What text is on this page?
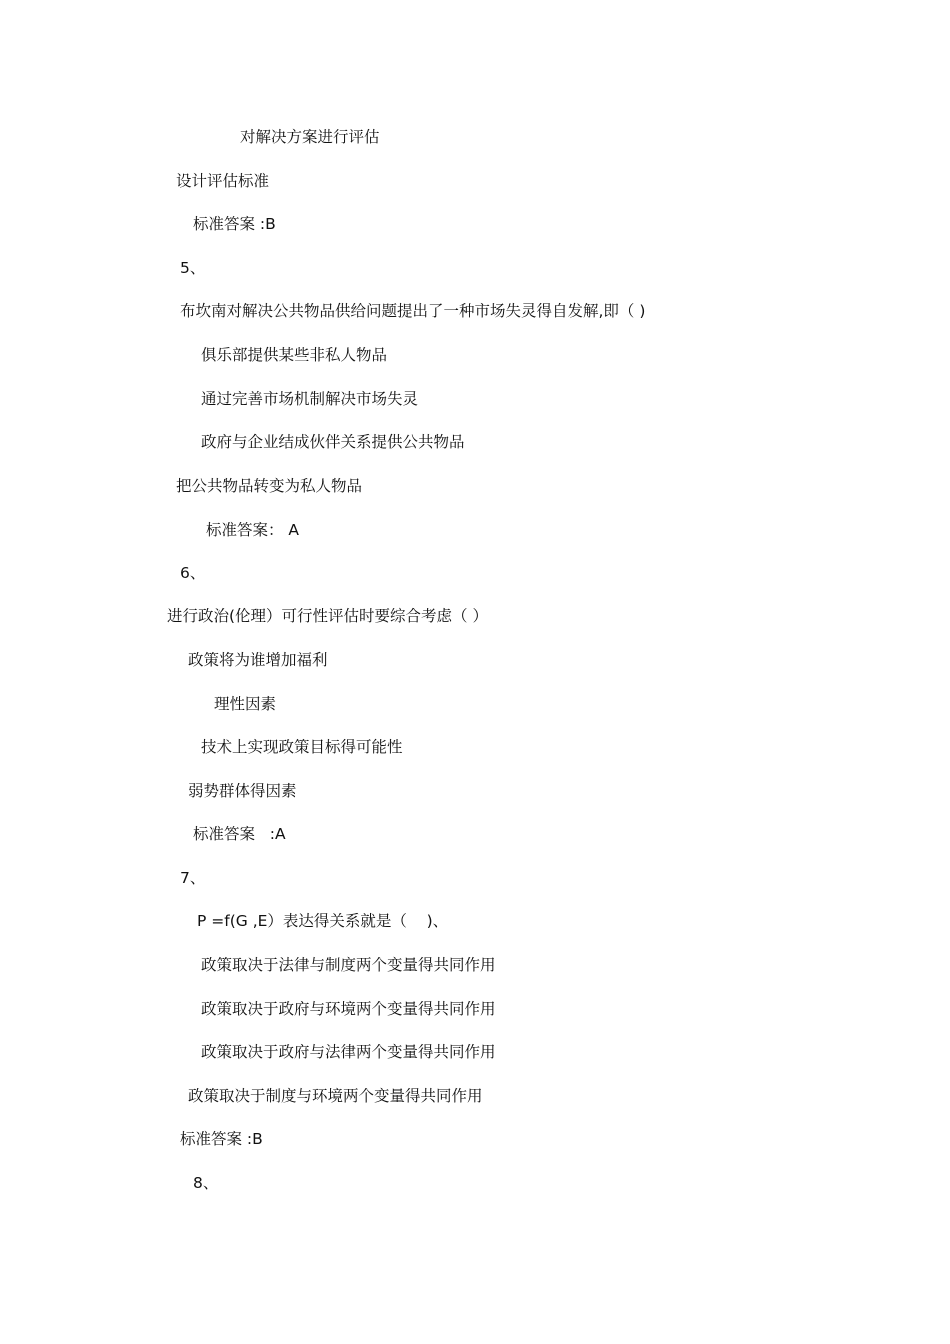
对解决方案进行评估
设计评估标准
标准答案 :B
5、
布坎南对解决公共物品供给问题提出了一种市场失灵得自发解,即（ )
俱乐部提供某些非私人物品
通过完善市场机制解决市场失灵
政府与企业结成伙伴关系提供公共物品
把公共物品转变为私人物品
标准答案： A
6、
进行政治(伦理）可行性评估时要综合考虑（ ）
政策将为谁增加福利
理性因素
技术上实现政策目标得可能性
弱势群体得因素
标准答案   :A
7、
P =f(G ,E）表达得关系就是（    )、
政策取决于法律与制度两个变量得共同作用
政策取决于政府与环境两个变量得共同作用
政策取决于政府与法律两个变量得共同作用
政策取决于制度与环境两个变量得共同作用
标准答案 :B
8、
